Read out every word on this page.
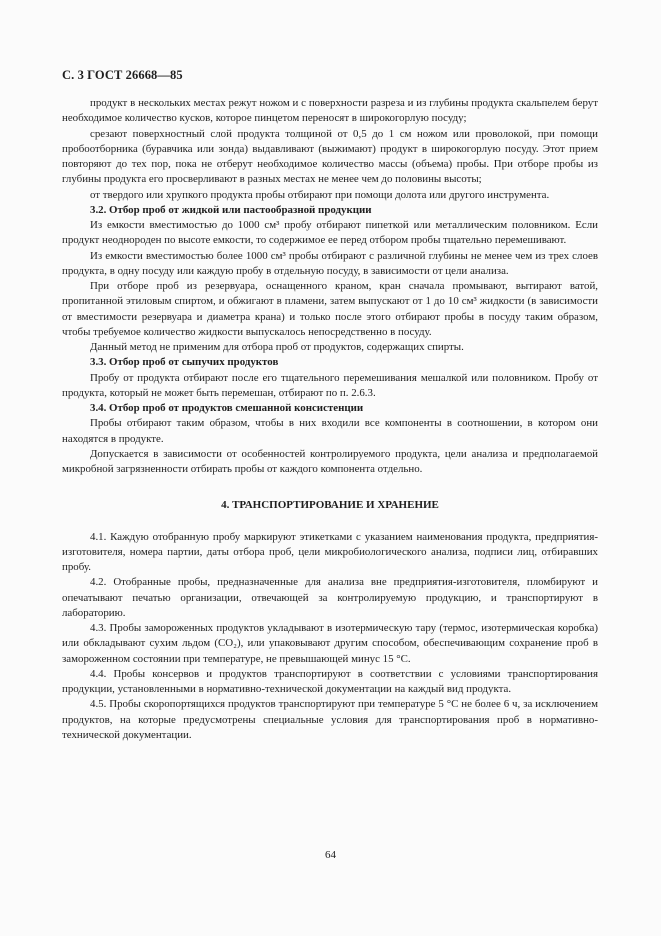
С. 3 ГОСТ 26668—85

продукт в нескольких местах режут ножом и с поверхности разреза и из глубины продукта скальпелем берут необходимое количество кусков, которое пинцетом переносят в широкогорлую посуду;

срезают поверхностный слой продукта толщиной от 0,5 до 1 см ножом или проволокой, при помощи пробоотборника (буравчика или зонда) выдавливают (выжимают) продукт в широкогорлую посуду. Этот прием повторяют до тех пор, пока не отберут необходимое количество массы (объема) пробы. При отборе пробы из глубины продукта его просверливают в разных местах не менее чем до половины высоты;

от твердого или хрупкого продукта пробы отбирают при помощи долота или другого инструмента.

3.2. Отбор проб от жидкой или пастообразной продукции

Из емкости вместимостью до 1000 см³ пробу отбирают пипеткой или металлическим половником. Если продукт неоднороден по высоте емкости, то содержимое ее перед отбором пробы тщательно перемешивают.

Из емкости вместимостью более 1000 см³ пробы отбирают с различной глубины не менее чем из трех слоев продукта, в одну посуду или каждую пробу в отдельную посуду, в зависимости от цели анализа.

При отборе проб из резервуара, оснащенного краном, кран сначала промывают, вытирают ватой, пропитанной этиловым спиртом, и обжигают в пламени, затем выпускают от 1 до 10 см³ жидкости (в зависимости от вместимости резервуара и диаметра крана) и только после этого отбирают пробы в посуду таким образом, чтобы требуемое количество жидкости выпускалось непосредственно в посуду.

Данный метод не применим для отбора проб от продуктов, содержащих спирты.

3.3. Отбор проб от сыпучих продуктов

Пробу от продукта отбирают после его тщательного перемешивания мешалкой или половником. Пробу от продукта, который не может быть перемешан, отбирают по п. 2.6.3.

3.4. Отбор проб от продуктов смешанной консистенции

Пробы отбирают таким образом, чтобы в них входили все компоненты в соотношении, в котором они находятся в продукте.

Допускается в зависимости от особенностей контролируемого продукта, цели анализа и предполагаемой микробной загрязненности отбирать пробы от каждого компонента отдельно.

4. ТРАНСПОРТИРОВАНИЕ И ХРАНЕНИЕ

4.1. Каждую отобранную пробу маркируют этикетками с указанием наименования продукта, предприятия-изготовителя, номера партии, даты отбора проб, цели микробиологического анализа, подписи лиц, отбиравших пробу.

4.2. Отобранные пробы, предназначенные для анализа вне предприятия-изготовителя, пломбируют и опечатывают печатью организации, отвечающей за контролируемую продукцию, и транспортируют в лабораторию.

4.3. Пробы замороженных продуктов укладывают в изотермическую тару (термос, изотермическая коробка) или обкладывают сухим льдом (CO₂), или упаковывают другим способом, обеспечивающим сохранение проб в замороженном состоянии при температуре, не превышающей минус 15 °С.

4.4. Пробы консервов и продуктов транспортируют в соответствии с условиями транспортирования продукции, установленными в нормативно-технической документации на каждый вид продукта.

4.5. Пробы скоропортящихся продуктов транспортируют при температуре 5 °С не более 6 ч, за исключением продуктов, на которые предусмотрены специальные условия для транспортирования проб в нормативно-технической документации.

64
